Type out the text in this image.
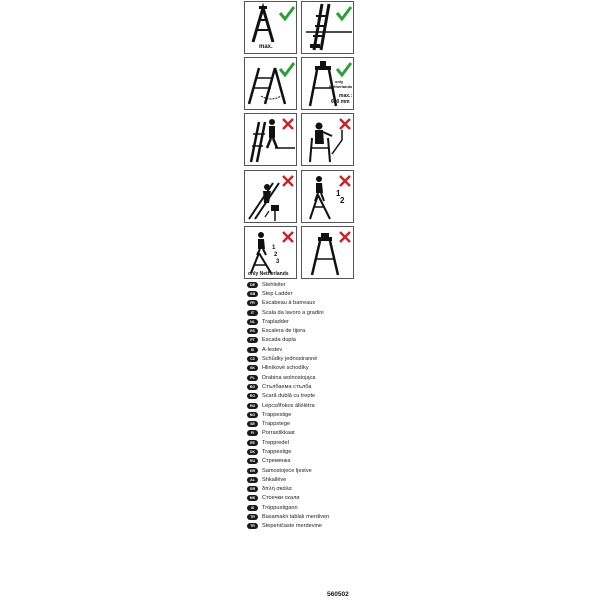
max.
only
Netherlands
max.:
600 mm
1
2
1
2
3
only Netherlands
DE	Stehleiter
GB	Step Ladder
FR	Escabeau à barreaux
IT	Scala da lavoro a gradini
NL	Trapladder
ES	Escalera de tijera
PT	Escada dupla
SI	A-lestev
CZ	Schůdky jednostranné
SK	Hliníkové schodíky
PL	Drabina wolnostojąca
BG	Стълбаема стълба
RO	Scară dublă cu trepte
HU	Lépcsőfokos állólétra
NO	Trappestige
SE	Trappstege
FI	Porrastikkaat
EE	Treppredel
DK	Trappestige
RU	Стремянка
HR	Samostojeće ljestve
AL	Shkallëve
GR	δπλή σκάλα
MK	Стоечки скали
IS	Tröppustigann
TR	Basamaklı tablalı merdiven
TR	Stepeničaste merdevine
560502
